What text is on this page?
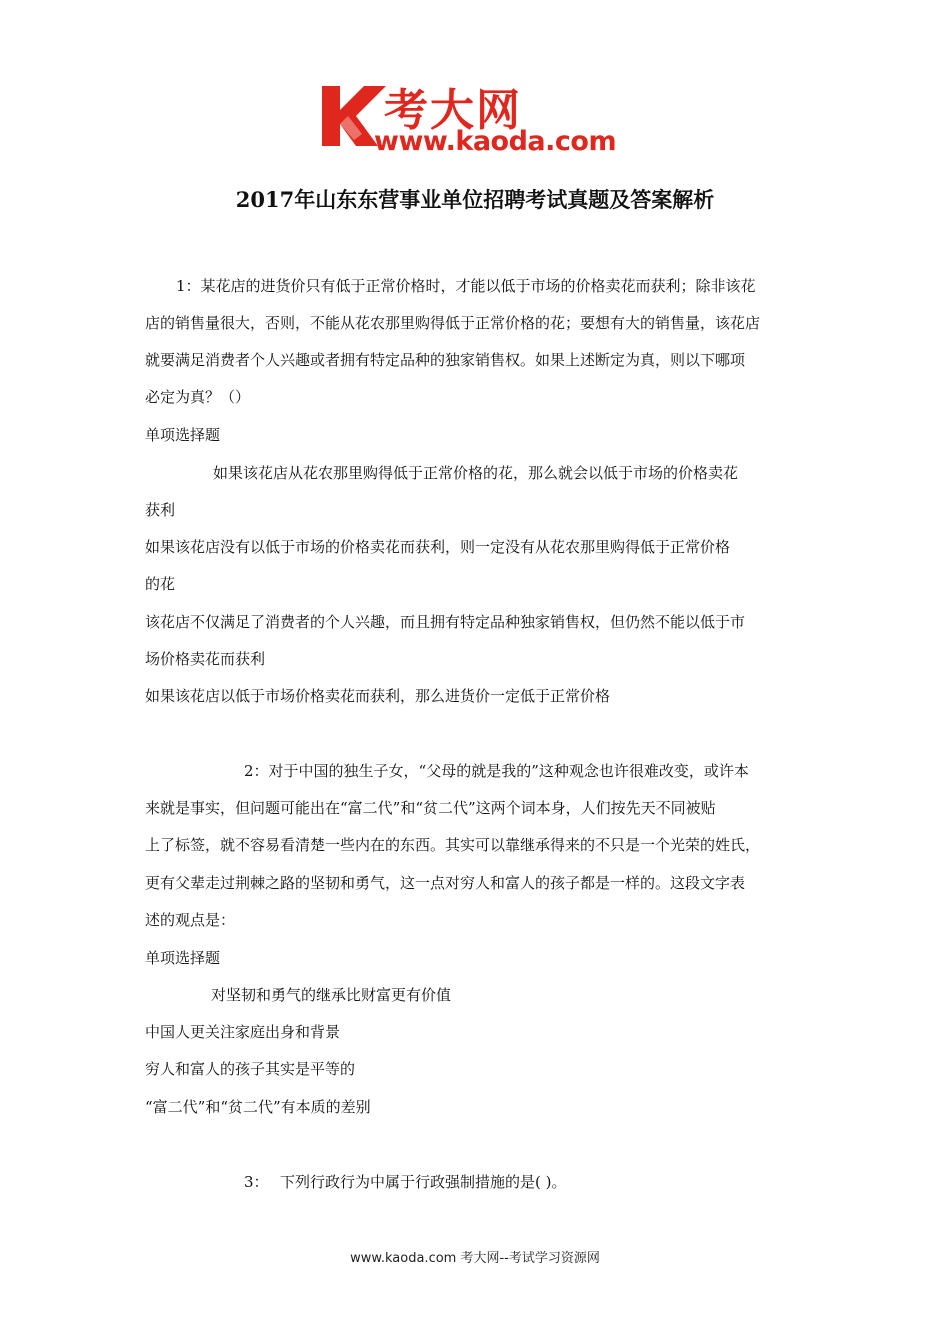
考大网
www.kaoda.com
2017年山东东营事业单位招聘考试真题及答案解析
1：某花店的进货价只有低于正常价格时，才能以低于市场的价格卖花而获利；除非该花
店的销售量很大，否则，不能从花农那里购得低于正常价格的花；要想有大的销售量，该花店
就要满足消费者个人兴趣或者拥有特定品种的独家销售权。如果上述断定为真，则以下哪项
必定为真？（）
单项选择题
如果该花店从花农那里购得低于正常价格的花，那么就会以低于市场的价格卖花
获利
如果该花店没有以低于市场的价格卖花而获利，则一定没有从花农那里购得低于正常价格
的花
该花店不仅满足了消费者的个人兴趣，而且拥有特定品种独家销售权，但仍然不能以低于市
场价格卖花而获利
如果该花店以低于市场价格卖花而获利，那么进货价一定低于正常价格
2：对于中国的独生子女，“父母的就是我的”这种观念也许很难改变，或许本
来就是事实，但问题可能出在“富二代”和“贫二代”这两个词本身，人们按先天不同被贴
上了标签，就不容易看清楚一些内在的东西。其实可以靠继承得来的不只是一个光荣的姓氏，
更有父辈走过荆棘之路的坚韧和勇气，这一点对穷人和富人的孩子都是一样的。这段文字表
述的观点是：
单项选择题
对坚韧和勇气的继承比财富更有价值
中国人更关注家庭出身和背景
穷人和富人的孩子其实是平等的
“富二代”和“贫二代”有本质的差别
3： 下列行政行为中属于行政强制措施的是( )。
www.kaoda.com 考大网--考试学习资源网
